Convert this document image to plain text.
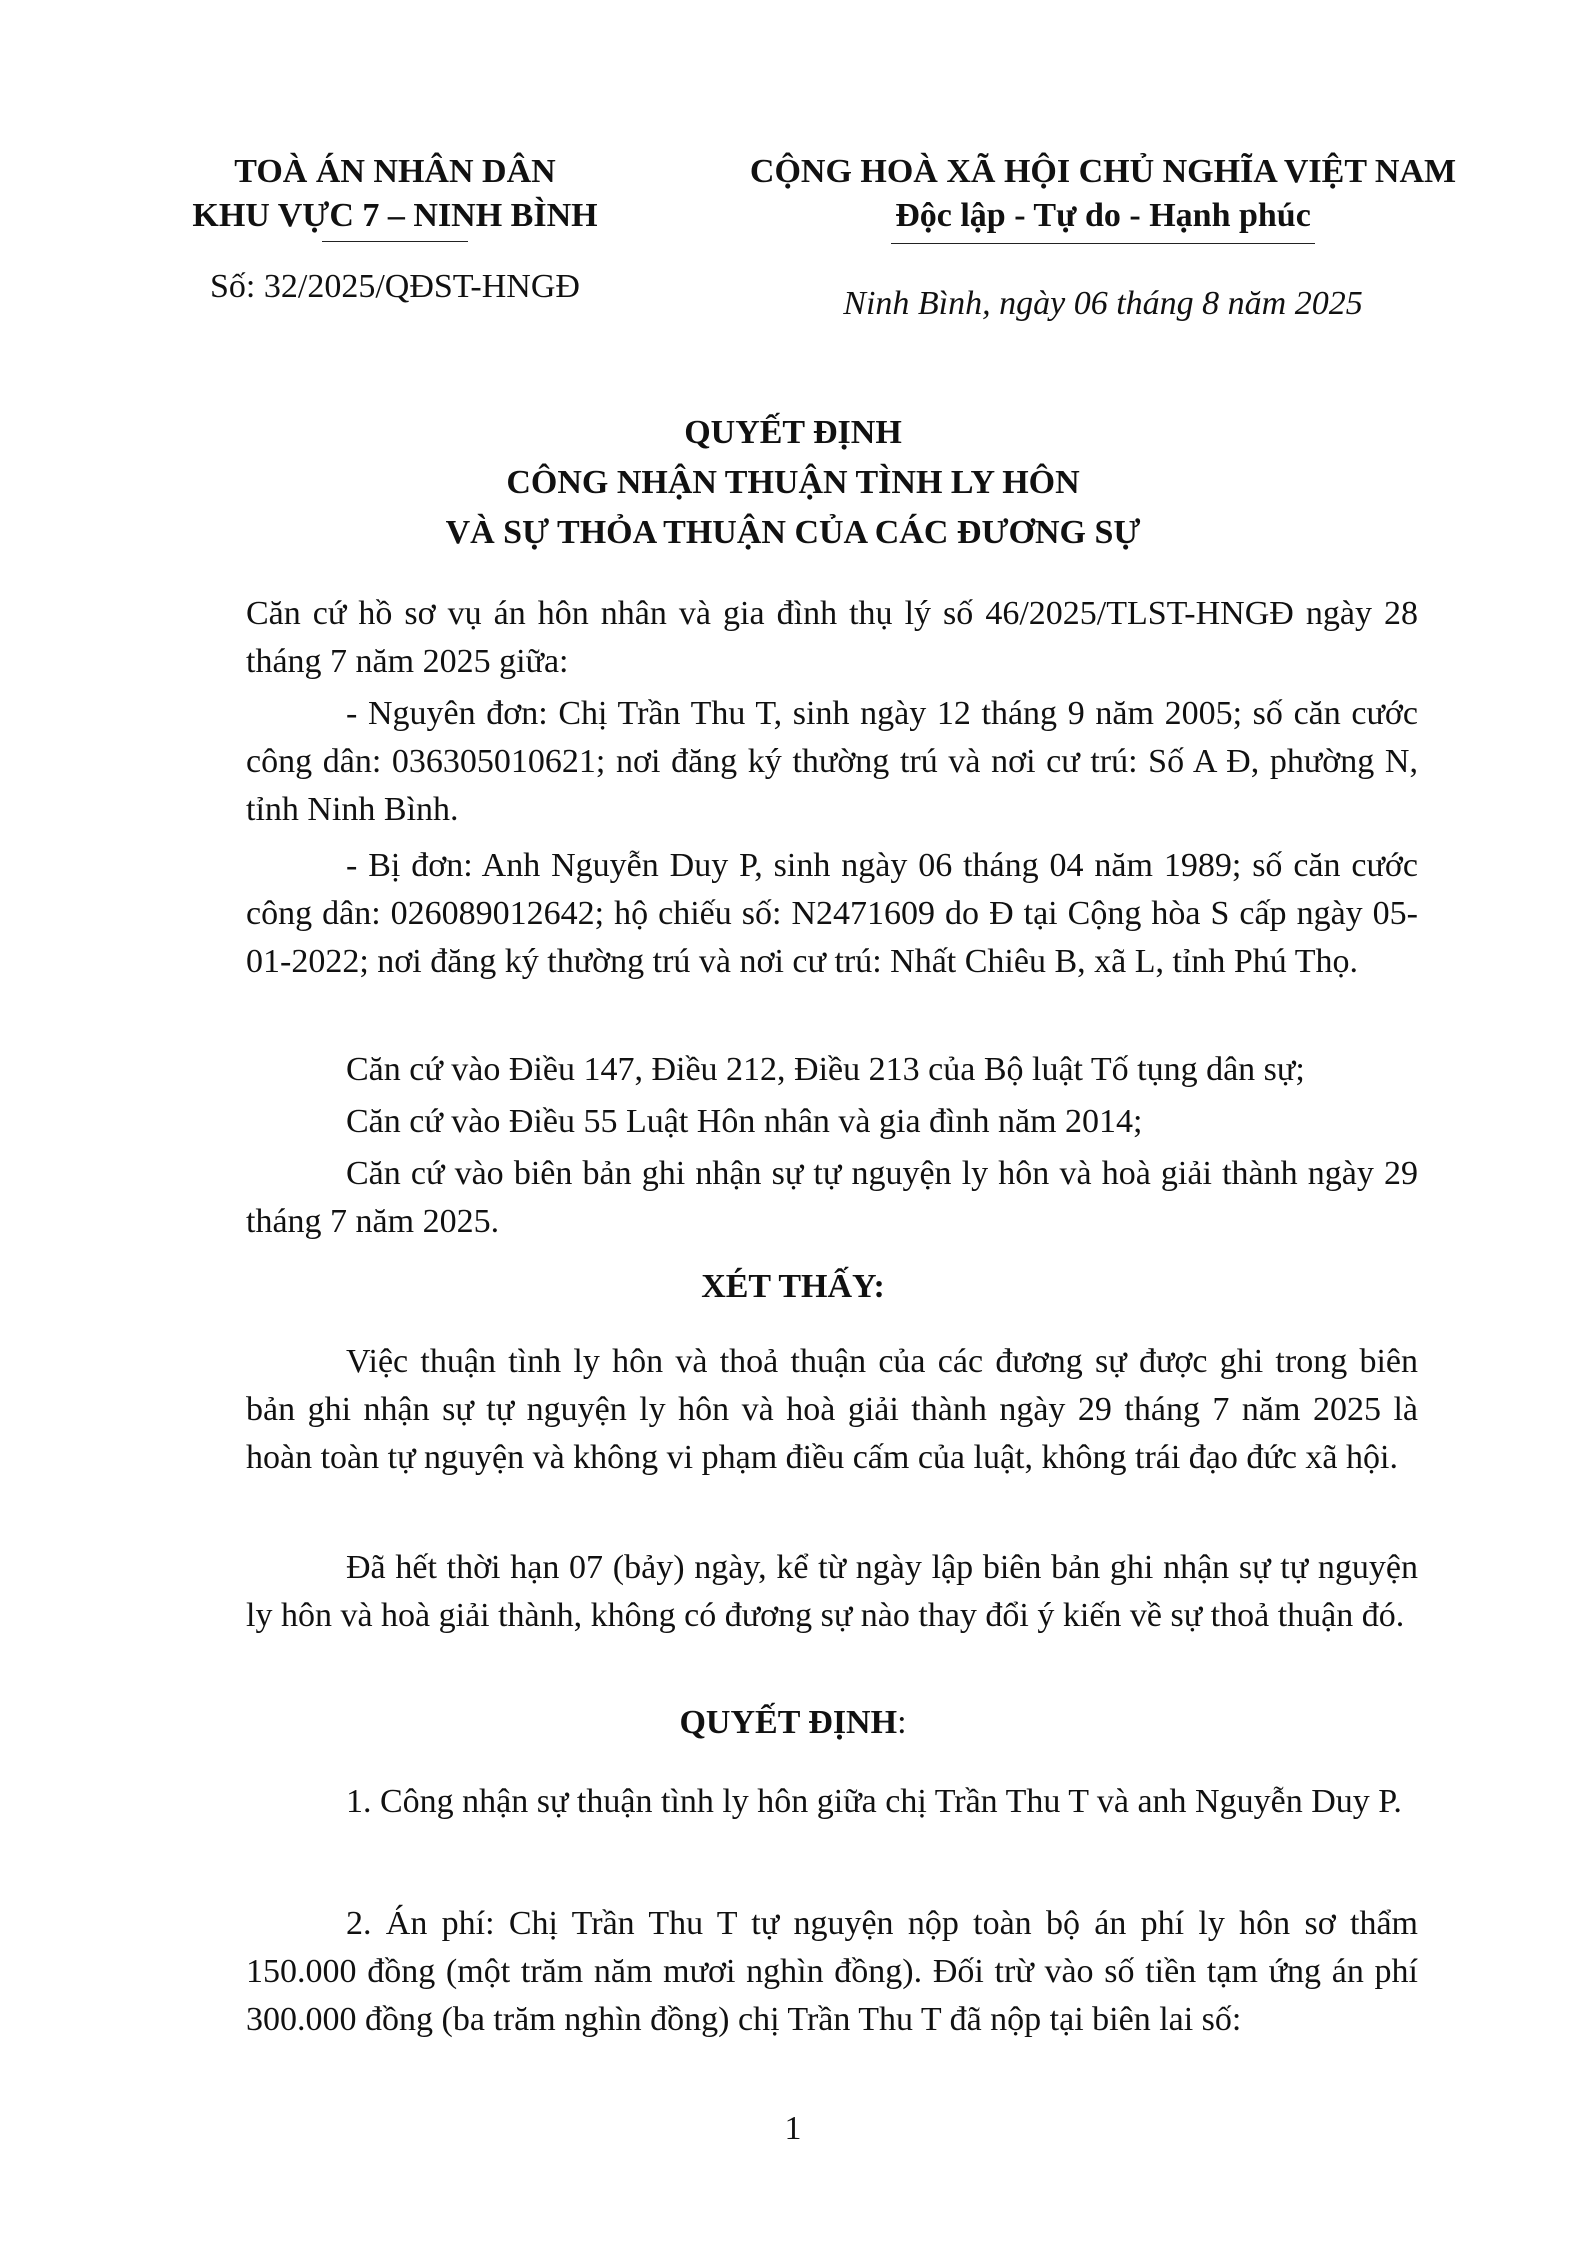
TOÀ ÁN NHÂN DÂN
KHU VỰC 7 – NINH BÌNH
Số: 32/2025/QĐST-HNGĐ
CỘNG HOÀ XÃ HỘI CHỦ NGHĨA VIỆT NAM
Độc lập - Tự do - Hạnh phúc
Ninh Bình, ngày 06 tháng 8 năm 2025
QUYẾT ĐỊNH
CÔNG NHẬN THUẬN TÌNH LY HÔN
VÀ SỰ THỎA THUẬN CỦA CÁC ĐƯƠNG SỰ
Căn cứ hồ sơ vụ án hôn nhân và gia đình thụ lý số 46/2025/TLST-HNGĐ ngày 28 tháng 7 năm 2025 giữa:
- Nguyên đơn: Chị Trần Thu T, sinh ngày 12 tháng 9 năm 2005; số căn cước công dân: 036305010621; nơi đăng ký thường trú và nơi cư trú: Số A Đ, phường N, tỉnh Ninh Bình.
- Bị đơn: Anh Nguyễn Duy P, sinh ngày 06 tháng 04 năm 1989; số căn cước công dân: 026089012642; hộ chiếu số: N2471609 do Đ tại Cộng hòa S cấp ngày 05-01-2022; nơi đăng ký thường trú và nơi cư trú: Nhất Chiêu B, xã L, tỉnh Phú Thọ.
Căn cứ vào Điều 147, Điều 212, Điều 213 của Bộ luật Tố tụng dân sự;
Căn cứ vào Điều 55 Luật Hôn nhân và gia đình năm 2014;
Căn cứ vào biên bản ghi nhận sự tự nguyện ly hôn và hoà giải thành ngày 29 tháng 7 năm 2025.
XÉT THẤY:
Việc thuận tình ly hôn và thoả thuận của các đương sự được ghi trong biên bản ghi nhận sự tự nguyện ly hôn và hoà giải thành ngày 29 tháng 7 năm 2025 là hoàn toàn tự nguyện và không vi phạm điều cấm của luật, không trái đạo đức xã hội.
Đã hết thời hạn 07 (bảy) ngày, kể từ ngày lập biên bản ghi nhận sự tự nguyện ly hôn và hoà giải thành, không có đương sự nào thay đổi ý kiến về sự thoả thuận đó.
QUYẾT ĐỊNH:
1. Công nhận sự thuận tình ly hôn giữa chị Trần Thu T và anh Nguyễn Duy P.
2. Án phí: Chị Trần Thu T tự nguyện nộp toàn bộ án phí ly hôn sơ thẩm 150.000 đồng (một trăm năm mươi nghìn đồng). Đối trừ vào số tiền tạm ứng án phí 300.000 đồng (ba trăm nghìn đồng) chị Trần Thu T đã nộp tại biên lai số:
1
